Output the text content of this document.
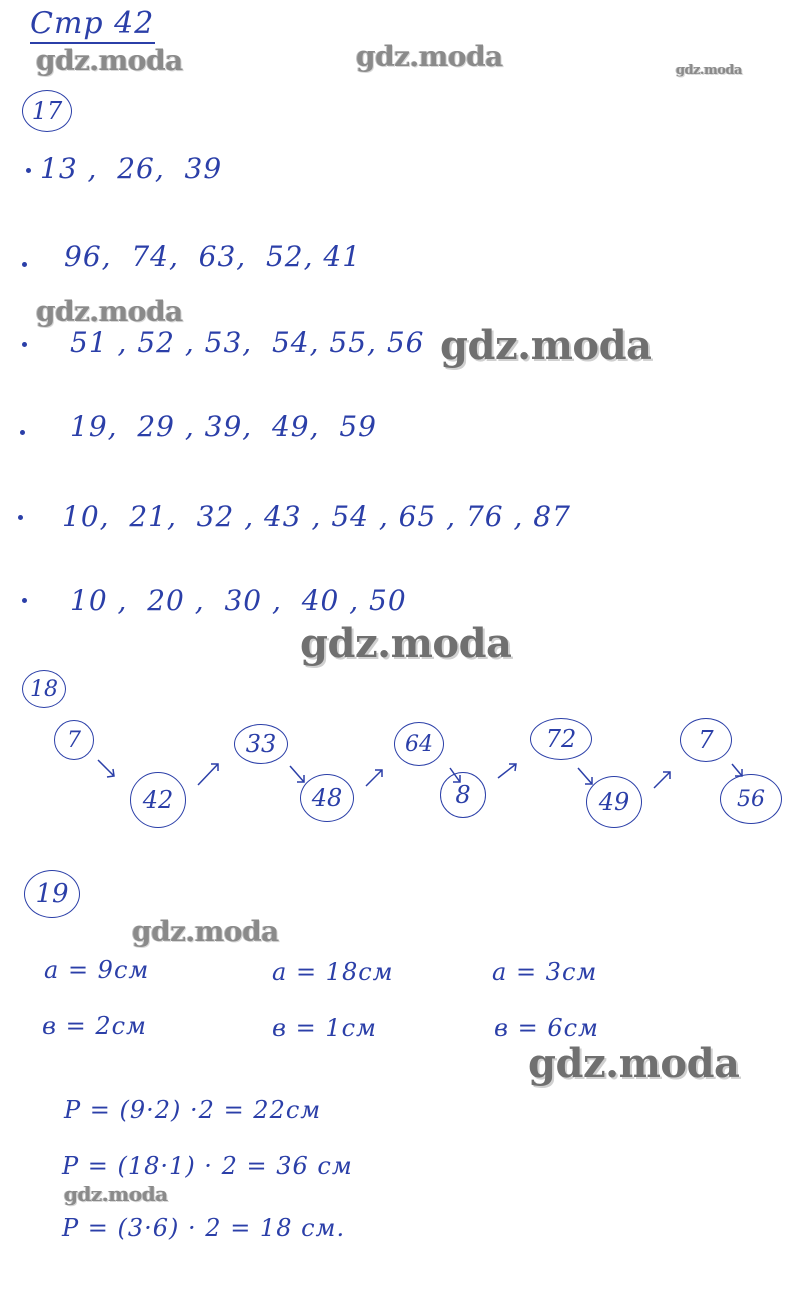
Стр 42
gdz.moda	gdz.moda	gdz.moda
gdz.moda
gdz.moda
gdz.moda
gdz.moda
gdz.moda
gdz.moda
17
13 ,  26,  39
96,  74,  63,  52, 41
51 , 52 , 53,  54, 55, 56
19,  29 , 39,  49,  59
10,  21,  32 , 43 , 54 , 65 , 76 , 87
10 ,  20 ,  30 ,  40 , 50
18
7
42
33
48
64
8
72
49
7
56
19
a = 9см
в = 2см
a = 18см
в = 1см
a = 3см
в = 6см
P = (9·2) ·2 = 22см
P = (18·1) · 2 = 36 см
P = (3·6) · 2 = 18 см.
